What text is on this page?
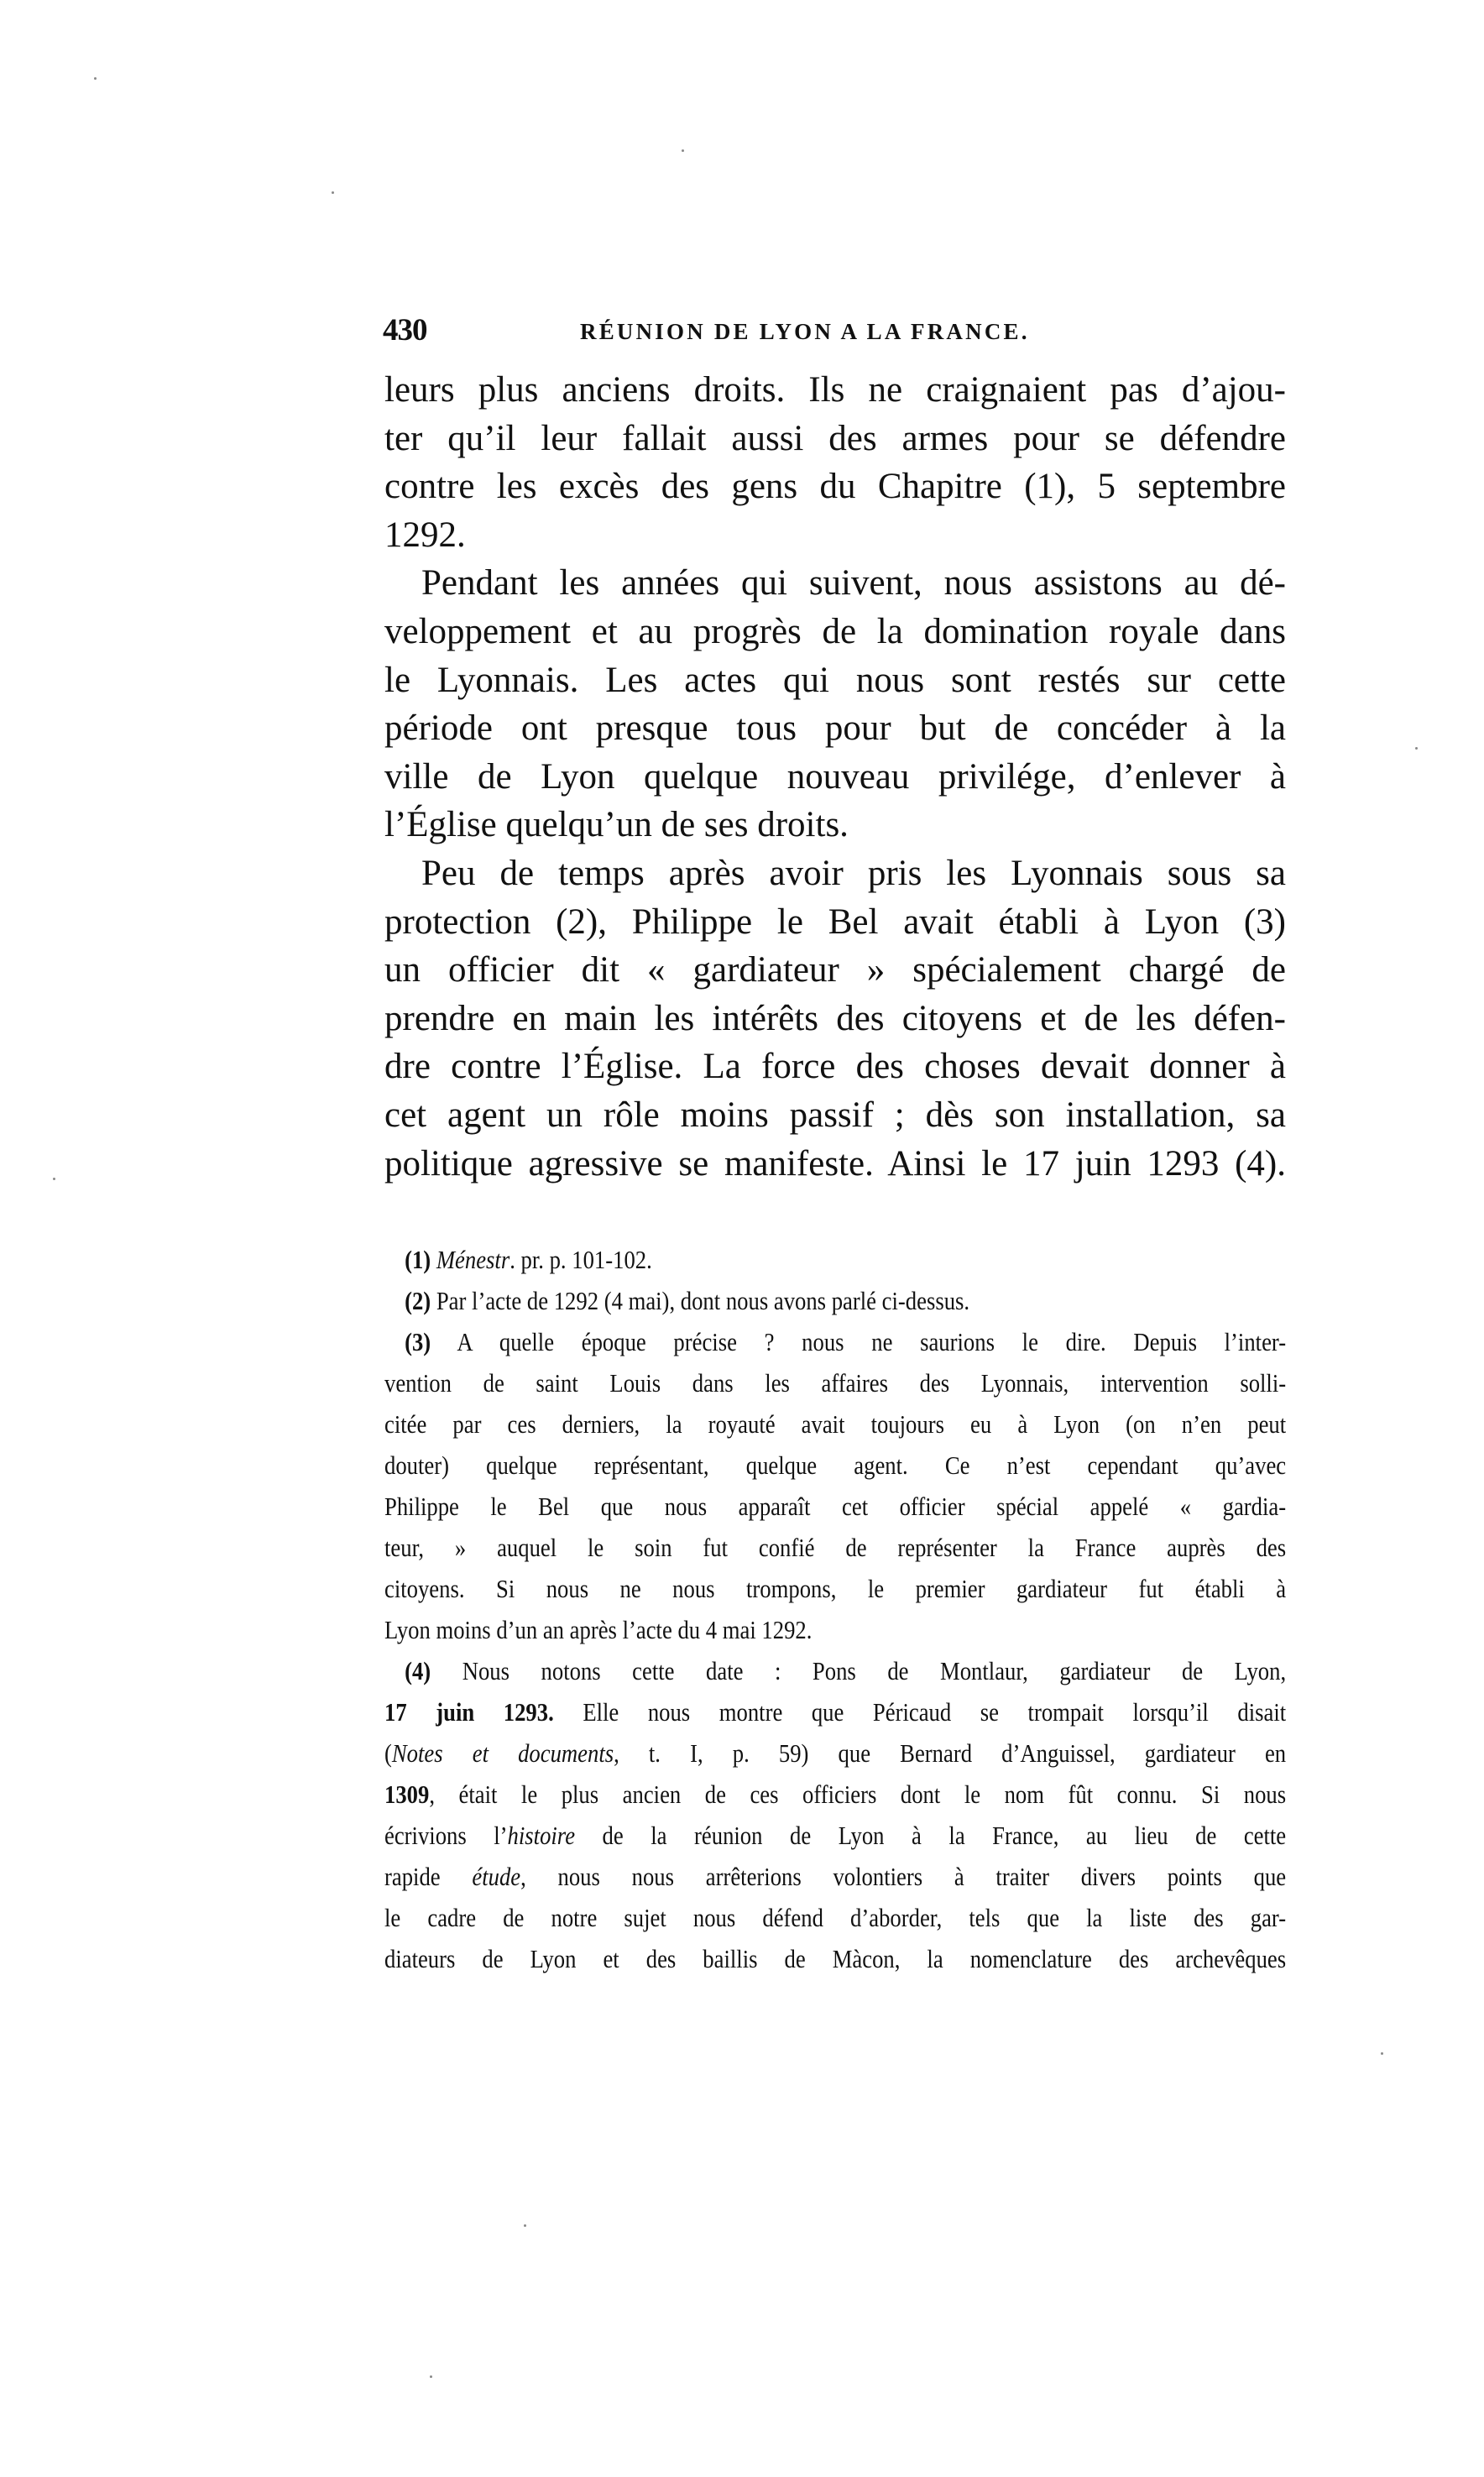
430	RÉUNION DE LYON A LA FRANCE.

leurs plus anciens droits. Ils ne craignaient pas d’ajou-
ter qu’il leur fallait aussi des armes pour se défendre
contre les excès des gens du Chapitre (1), 5 septembre
1292.

Pendant les années qui suivent, nous assistons au dé-
veloppement et au progrès de la domination royale dans
le Lyonnais. Les actes qui nous sont restés sur cette
période ont presque tous pour but de concéder à la
ville de Lyon quelque nouveau privilége, d’enlever à
l’Église quelqu’un de ses droits.

Peu de temps après avoir pris les Lyonnais sous sa
protection (2), Philippe le Bel avait établi à Lyon (3)
un officier dit « gardiateur » spécialement chargé de
prendre en main les intérêts des citoyens et de les défen-
dre contre l’Église. La force des choses devait donner à
cet agent un rôle moins passif ; dès son installation, sa
politique agressive se manifeste. Ainsi le 17 juin 1293 (4).

(1) Ménestr. pr. p. 101-102.
(2) Par l’acte de 1292 (4 mai), dont nous avons parlé ci-dessus.
(3) A quelle époque précise ? nous ne saurions le dire. Depuis l’inter-
vention de saint Louis dans les affaires des Lyonnais, intervention solli-
citée par ces derniers, la royauté avait toujours eu à Lyon (on n’en peut
douter) quelque représentant, quelque agent. Ce n’est cependant qu’avec
Philippe le Bel que nous apparaît cet officier spécial appelé « gardia-
teur, » auquel le soin fut confié de représenter la France auprès des
citoyens. Si nous ne nous trompons, le premier gardiateur fut établi à
Lyon moins d’un an après l’acte du 4 mai 1292.
(4) Nous notons cette date : Pons de Montlaur, gardiateur de Lyon,
17 juin 1293. Elle nous montre que Péricaud se trompait lorsqu’il disait
(Notes et documents, t. I, p. 59) que Bernard d’Anguissel, gardiateur en
1309, était le plus ancien de ces officiers dont le nom fût connu. Si nous
écrivions l’histoire de la réunion de Lyon à la France, au lieu de cette
rapide étude, nous nous arrêterions volontiers à traiter divers points que
le cadre de notre sujet nous défend d’aborder, tels que la liste des gar-
diateurs de Lyon et des baillis de Màcon, la nomenclature des archevêques
